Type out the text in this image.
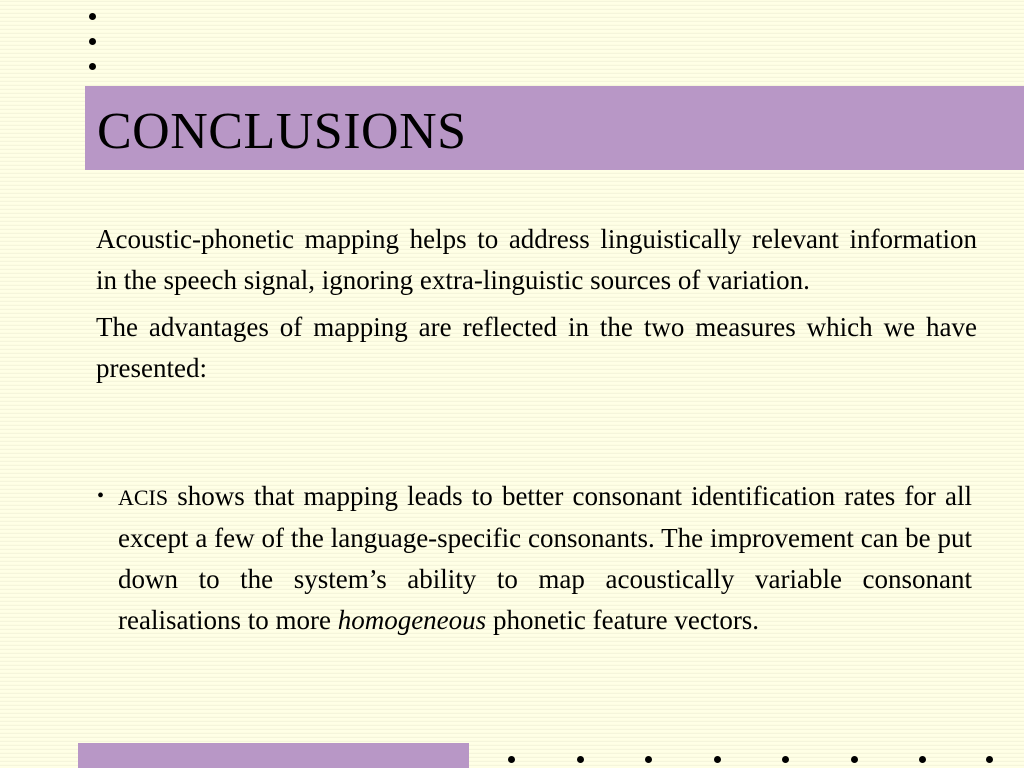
CONCLUSIONS

Acoustic-phonetic mapping helps to address linguistically relevant information in the speech signal, ignoring extra-linguistic sources of variation.

The advantages of mapping are reflected in the two measures which we have presented:

• ACIS shows that mapping leads to better consonant identification rates for all except a few of the language-specific consonants. The improvement can be put down to the system’s ability to map acoustically variable consonant realisations to more homogeneous phonetic feature vectors.
